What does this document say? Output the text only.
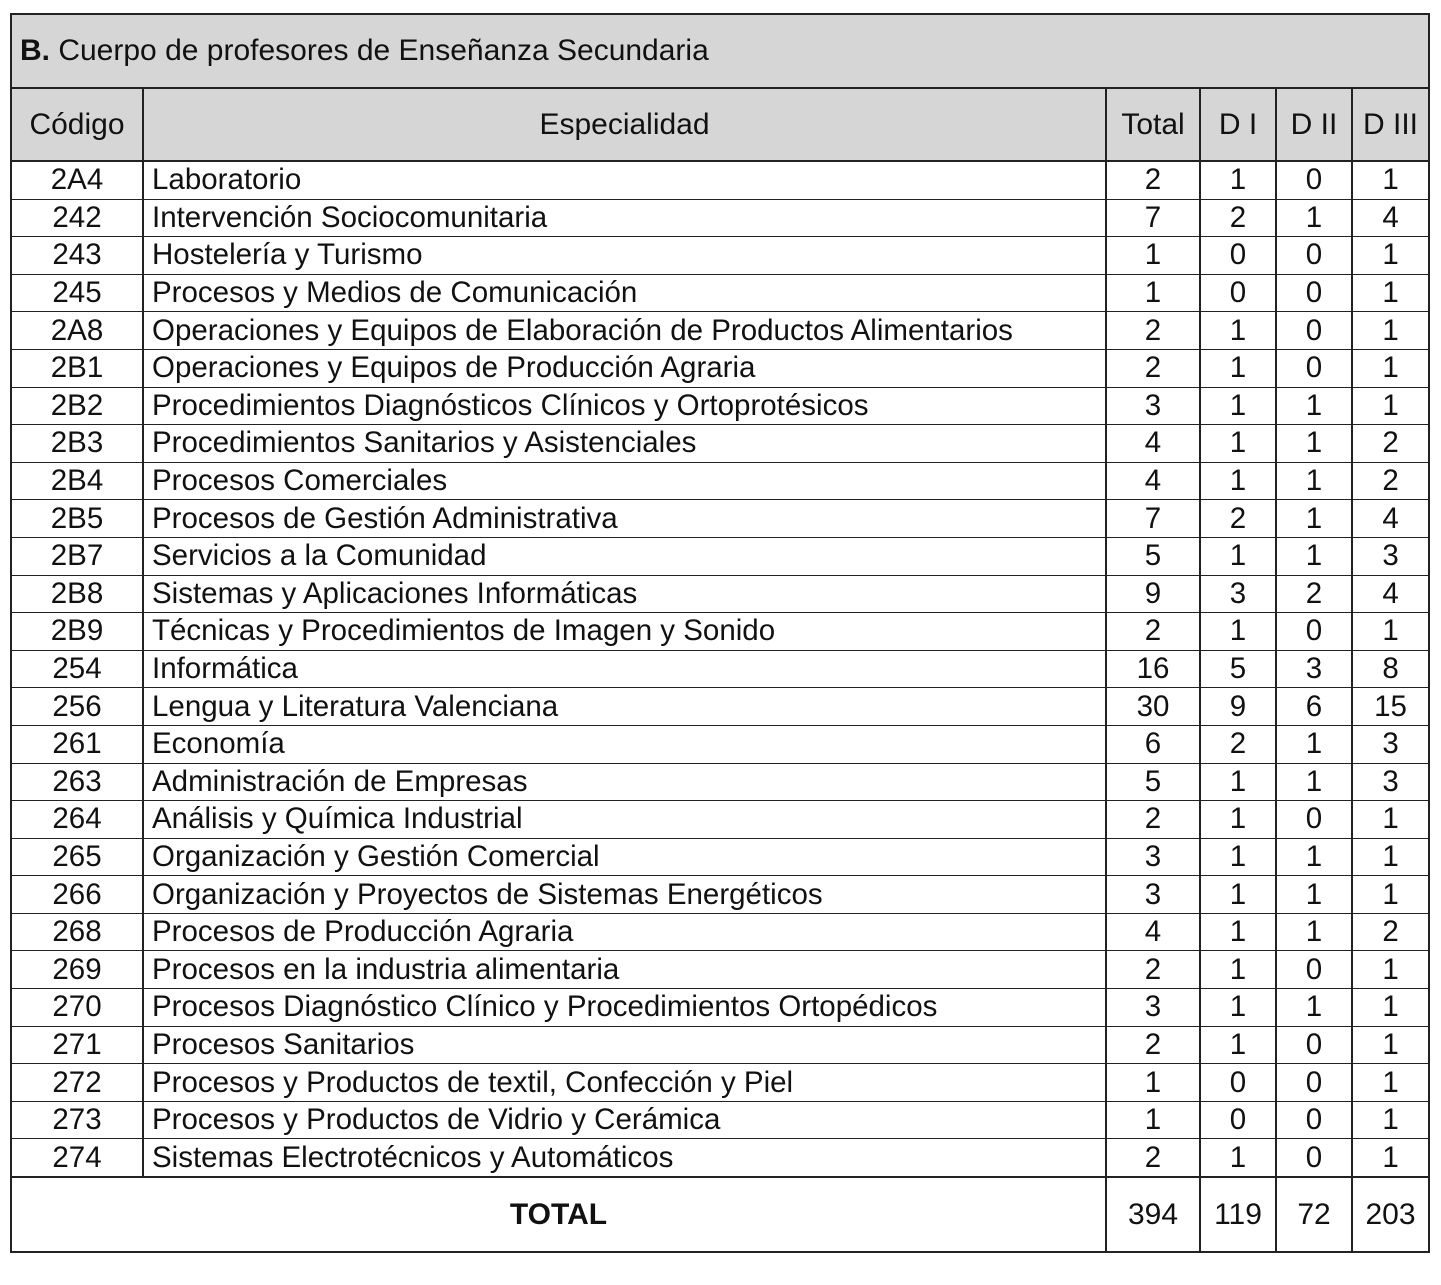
B. Cuerpo de profesores de Enseñanza Secundaria					
Código	Especialidad	Total	D I	D II	D III
2A4	Laboratorio	2	1	0	1
242	Intervención Sociocomunitaria	7	2	1	4
243	Hostelería y Turismo	1	0	0	1
245	Procesos y Medios de Comunicación	1	0	0	1
2A8	Operaciones y Equipos de Elaboración de Productos Alimentarios	2	1	0	1
2B1	Operaciones y Equipos de Producción Agraria	2	1	0	1
2B2	Procedimientos Diagnósticos Clínicos y Ortoprotésicos	3	1	1	1
2B3	Procedimientos Sanitarios y Asistenciales	4	1	1	2
2B4	Procesos Comerciales	4	1	1	2
2B5	Procesos de Gestión Administrativa	7	2	1	4
2B7	Servicios a la Comunidad	5	1	1	3
2B8	Sistemas y Aplicaciones Informáticas	9	3	2	4
2B9	Técnicas y Procedimientos de Imagen y Sonido	2	1	0	1
254	Informática	16	5	3	8
256	Lengua y Literatura Valenciana	30	9	6	15
261	Economía	6	2	1	3
263	Administración de Empresas	5	1	1	3
264	Análisis y Química Industrial	2	1	0	1
265	Organización y Gestión Comercial	3	1	1	1
266	Organización y Proyectos de Sistemas Energéticos	3	1	1	1
268	Procesos de Producción Agraria	4	1	1	2
269	Procesos en la industria alimentaria	2	1	0	1
270	Procesos Diagnóstico Clínico y Procedimientos Ortopédicos	3	1	1	1
271	Procesos Sanitarios	2	1	0	1
272	Procesos y Productos de textil, Confección y Piel	1	0	0	1
273	Procesos y Productos de Vidrio y Cerámica	1	0	0	1
274	Sistemas Electrotécnicos y Automáticos	2	1	0	1
TOTAL		394	119	72	203
